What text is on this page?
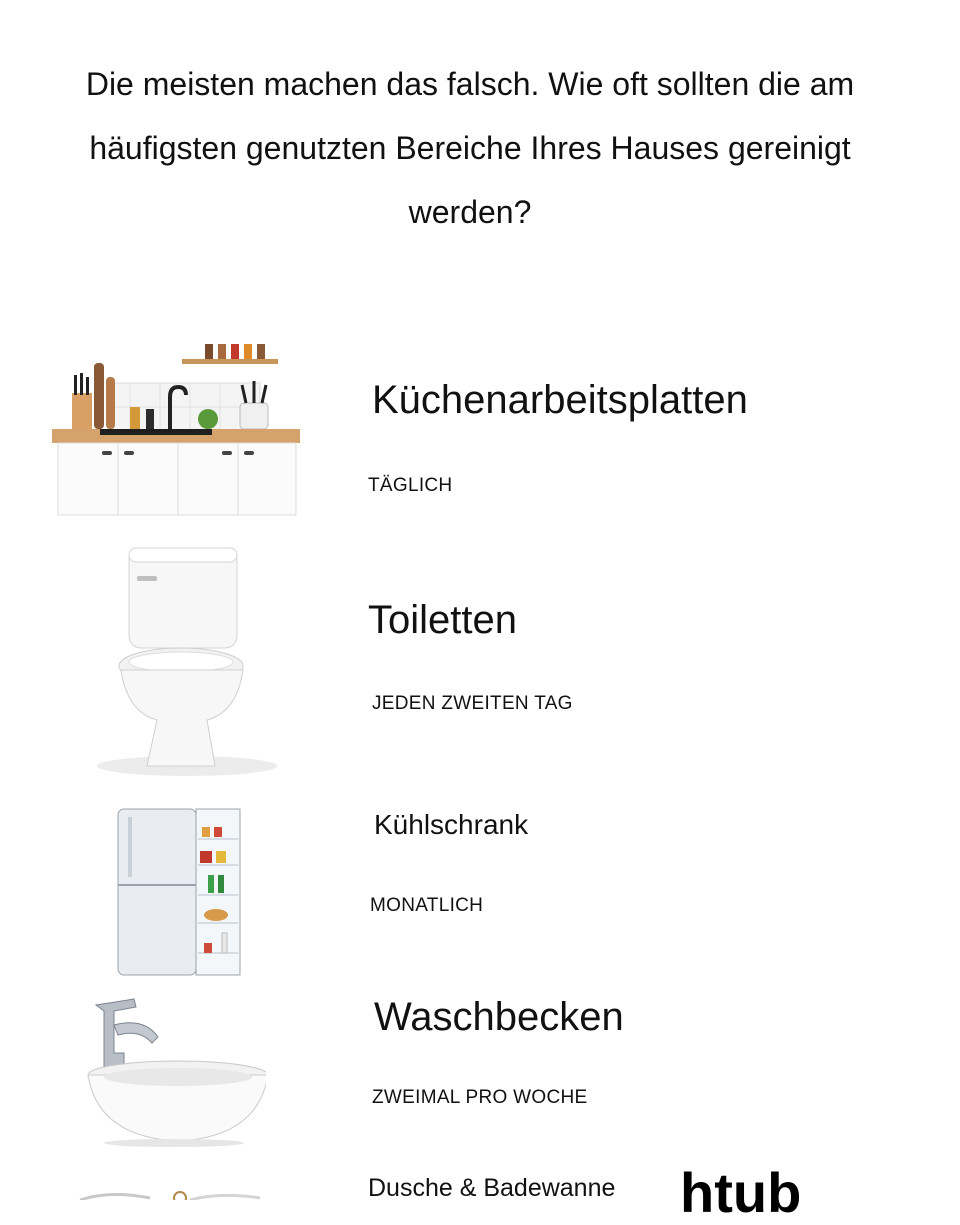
Die meisten machen das falsch. Wie oft sollten die am häufigsten genutzten Bereiche Ihres Hauses gereinigt werden?
Küchenarbeitsplatten
TÄGLICH
Toiletten
JEDEN ZWEITEN TAG
Kühlschrank
MONATLICH
Waschbecken
ZWEIMAL PRO WOCHE
htub
Dusche & Badewanne
